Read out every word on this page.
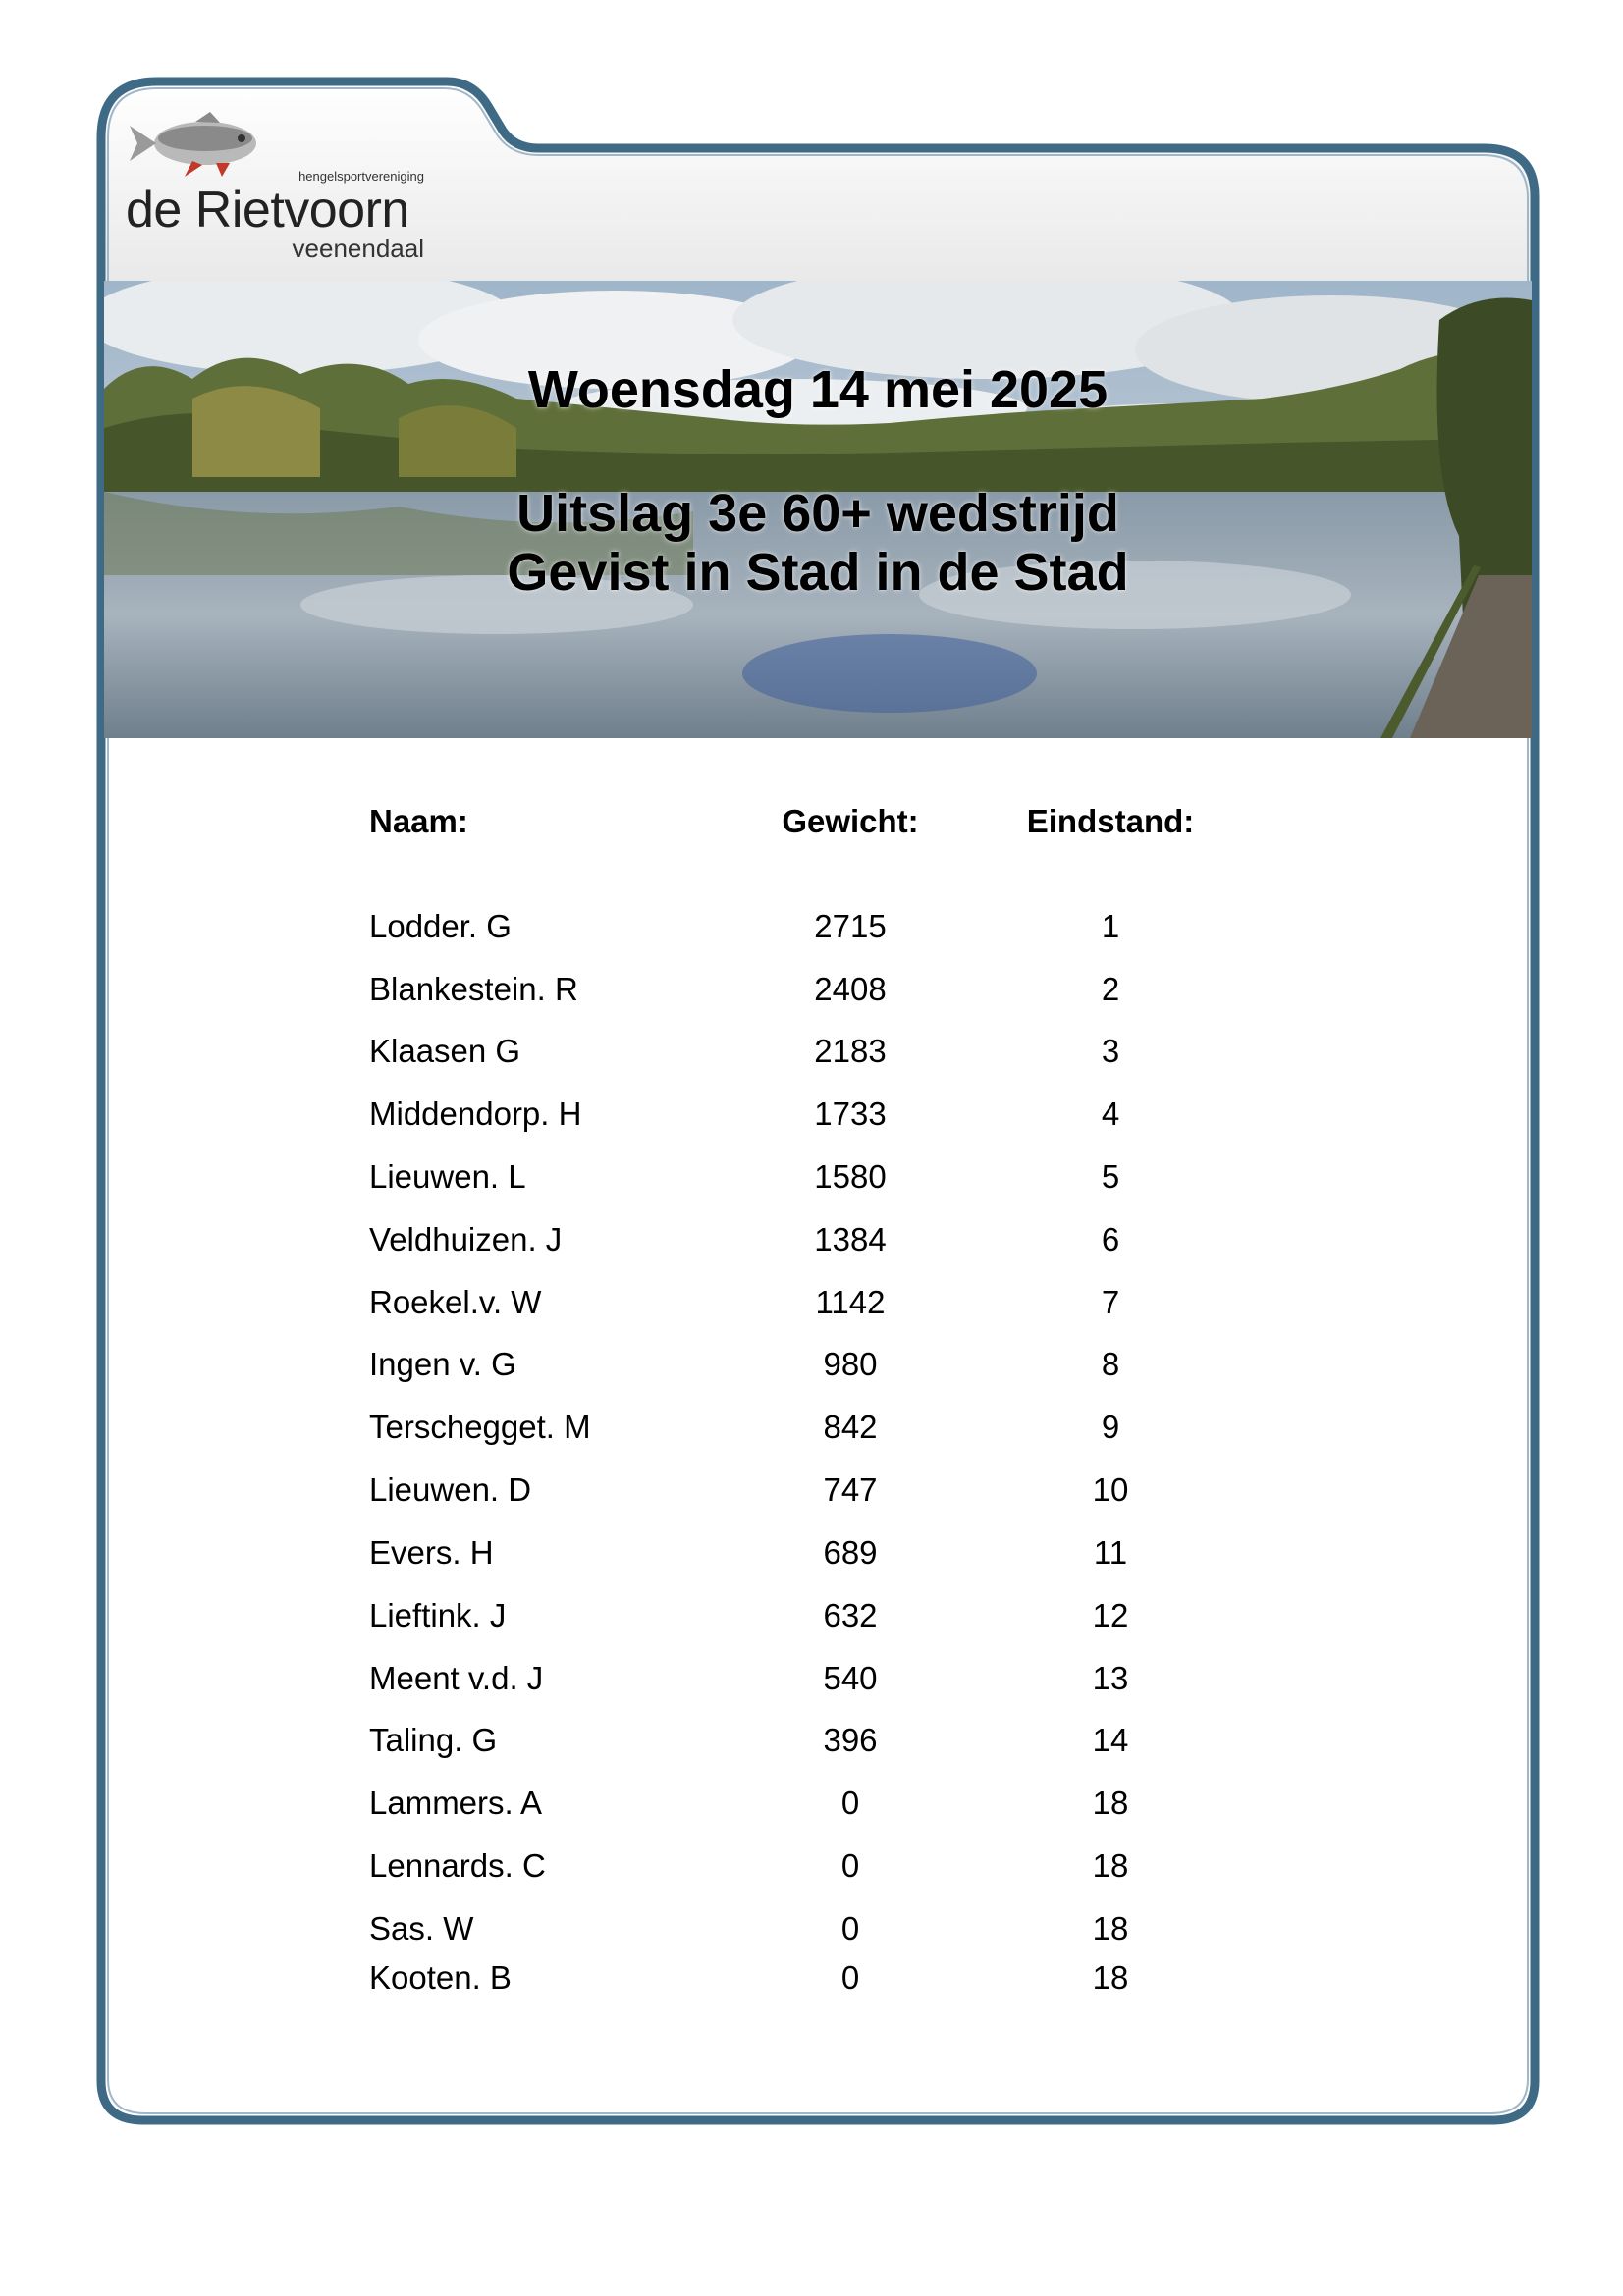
hengelsportvereniging
de Rietvoorn
veenendaal
Woensdag 14 mei 2025
Uitslag 3e 60+ wedstrijd
Gevist in Stad in de Stad
Naam:	Gewicht:	Eindstand:
Lodder. G	2715	1
Blankestein. R	2408	2
Klaasen G	2183	3
Middendorp. H	1733	4
Lieuwen. L	1580	5
Veldhuizen. J	1384	6
Roekel.v. W	1142	7
Ingen v. G	980	8
Terschegget. M	842	9
Lieuwen. D	747	10
Evers. H	689	11
Lieftink. J	632	12
Meent v.d. J	540	13
Taling. G	396	14
Lammers. A	0	18
Lennards. C	0	18
Sas. W	0	18
Kooten. B	0	18
